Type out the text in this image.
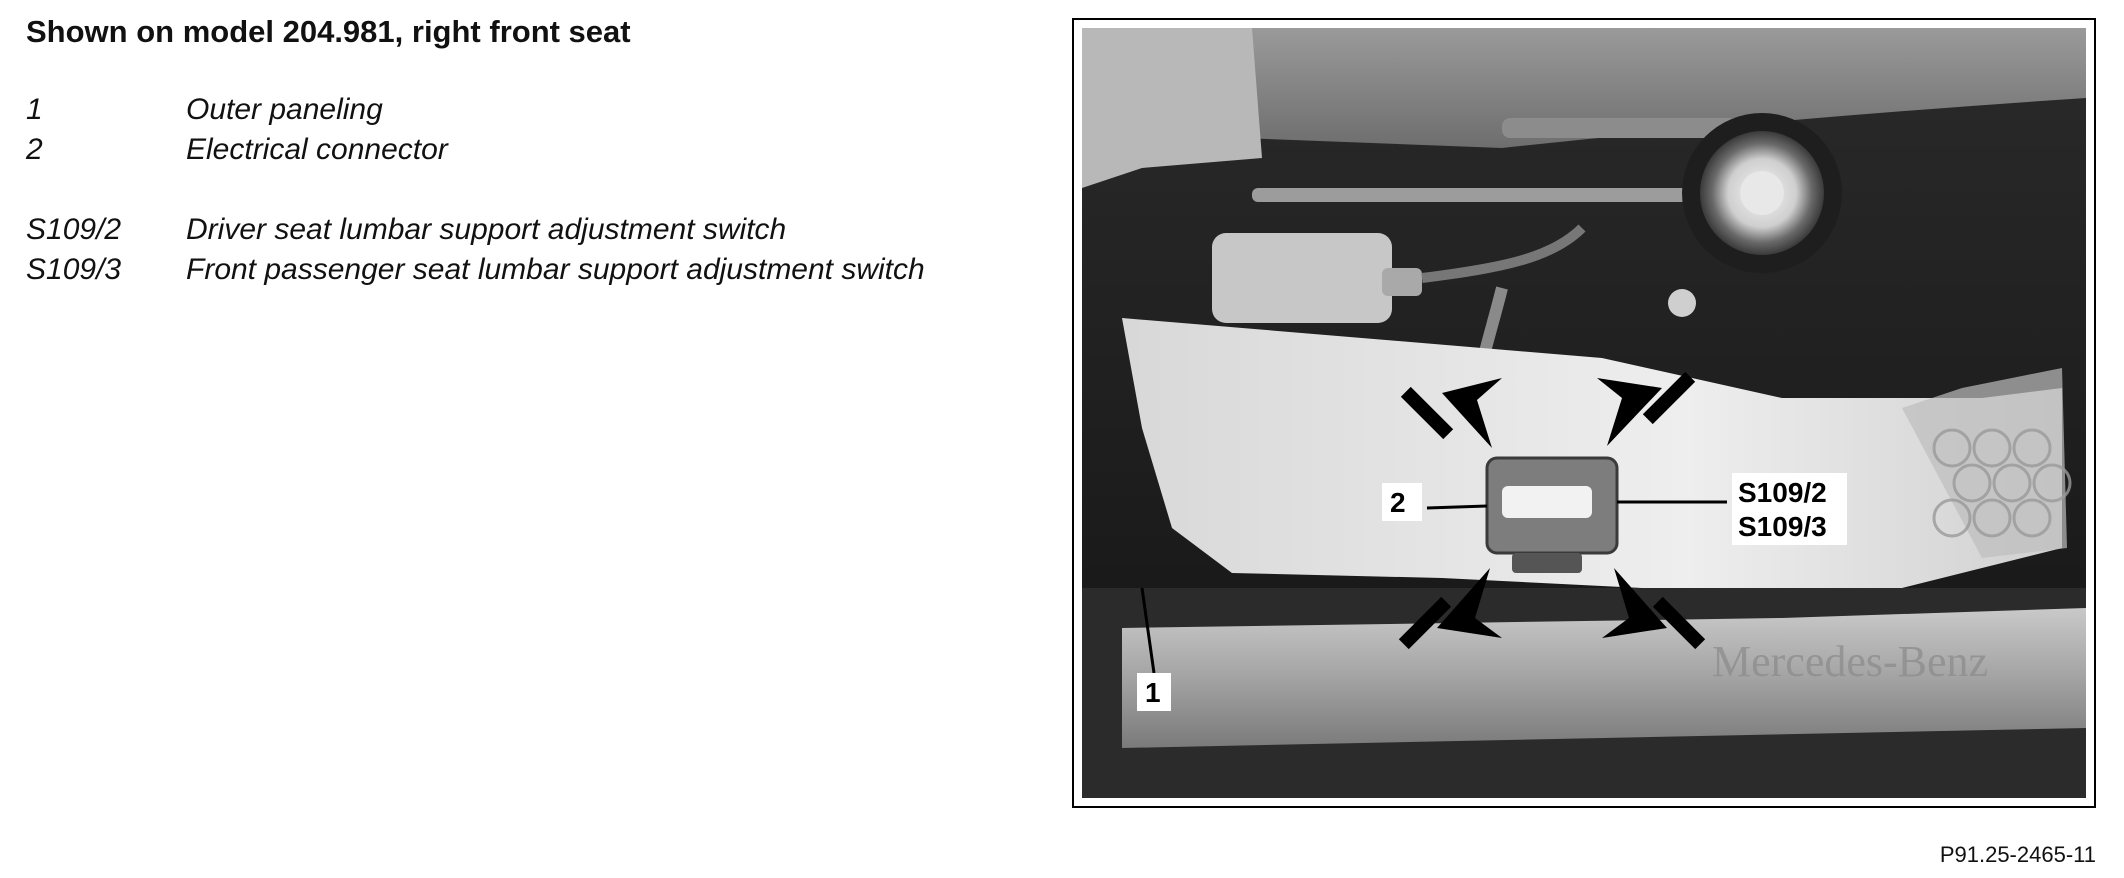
Shown on model 204.981, right front seat
1	Outer paneling
2	Electrical connector
S109/2	Driver seat lumbar support adjustment switch
S109/3	Front passenger seat lumbar support adjustment switch
Mercedes-Benz
2	S109/2
S109/3
1
P91.25-2465-11
